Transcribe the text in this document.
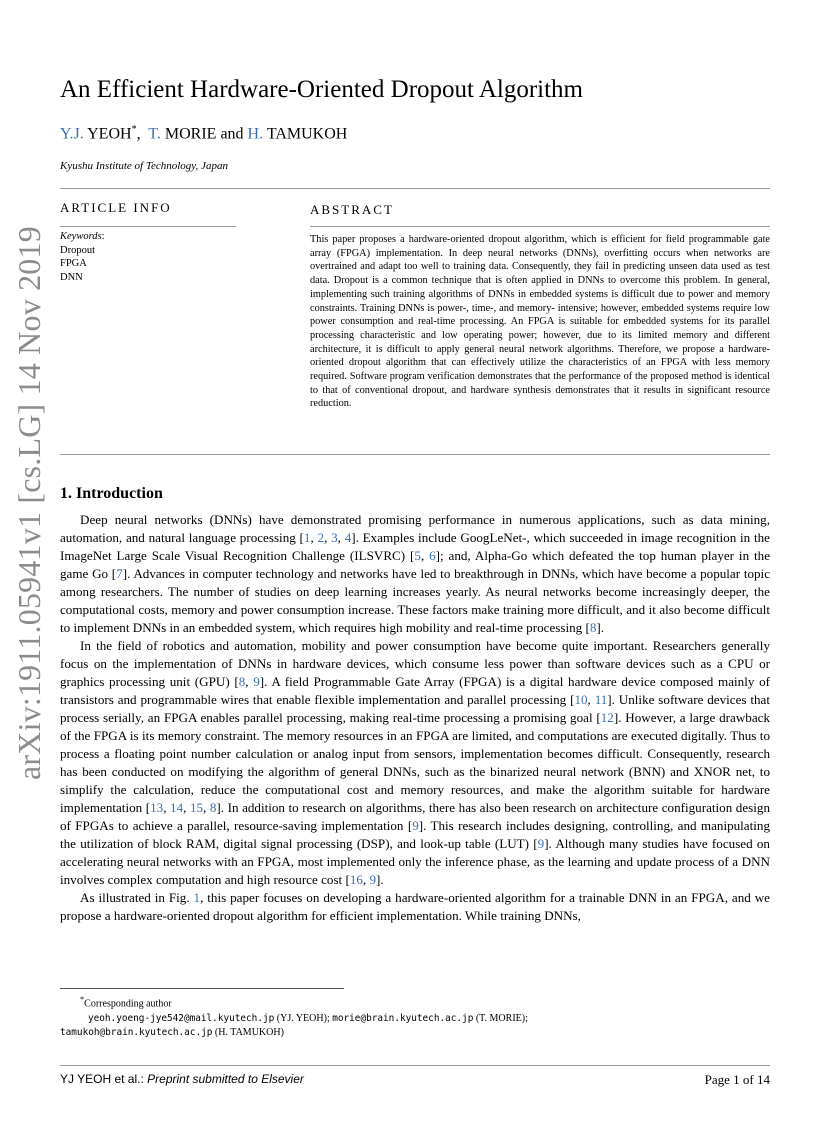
arXiv:1911.05941v1 [cs.LG] 14 Nov 2019
An Efficient Hardware-Oriented Dropout Algorithm
Y.J. YEOH*, T. MORIE and H. TAMUKOH
Kyushu Institute of Technology, Japan
ARTICLE INFO	ABSTRACT
Keywords:
Dropout
FPGA
DNN
This paper proposes a hardware-oriented dropout algorithm, which is efficient for field programmable gate array (FPGA) implementation. In deep neural networks (DNNs), overfitting occurs when networks are overtrained and adapt too well to training data. Consequently, they fail in predicting unseen data used as test data. Dropout is a common technique that is often applied in DNNs to overcome this problem. In general, implementing such training algorithms of DNNs in embedded systems is difficult due to power and memory constraints. Training DNNs is power-, time-, and memory- intensive; however, embedded systems require low power consumption and real-time processing. An FPGA is suitable for embedded systems for its parallel processing characteristic and low operating power; however, due to its limited memory and different architecture, it is difficult to apply general neural network algorithms. Therefore, we propose a hardware-oriented dropout algorithm that can effectively utilize the characteristics of an FPGA with less memory required. Software program verification demonstrates that the performance of the proposed method is identical to that of conventional dropout, and hardware synthesis demonstrates that it results in significant resource reduction.
1. Introduction

Deep neural networks (DNNs) have demonstrated promising performance in numerous applications, such as data mining, automation, and natural language processing [1, 2, 3, 4]. Examples include GoogLeNet-, which succeeded in image recognition in the ImageNet Large Scale Visual Recognition Challenge (ILSVRC) [5, 6]; and, Alpha-Go which defeated the top human player in the game Go [7]. Advances in computer technology and networks have led to breakthrough in DNNs, which have become a popular topic among researchers. The number of studies on deep learning increases yearly. As neural networks become increasingly deeper, the computational costs, memory and power consumption increase. These factors make training more difficult, and it also become difficult to implement DNNs in an embedded system, which requires high mobility and real-time processing [8].

In the field of robotics and automation, mobility and power consumption have become quite important. Researchers generally focus on the implementation of DNNs in hardware devices, which consume less power than software devices such as a CPU or graphics processing unit (GPU) [8, 9]. A field Programmable Gate Array (FPGA) is a digital hardware device composed mainly of transistors and programmable wires that enable flexible implementation and parallel processing [10, 11]. Unlike software devices that process serially, an FPGA enables parallel processing, making real-time processing a promising goal [12]. However, a large drawback of the FPGA is its memory constraint. The memory resources in an FPGA are limited, and computations are executed digitally. Thus to process a floating point number calculation or analog input from sensors, implementation becomes difficult. Consequently, research has been conducted on modifying the algorithm of general DNNs, such as the binarized neural network (BNN) and XNOR net, to simplify the calculation, reduce the computational cost and memory resources, and make the algorithm suitable for hardware implementation [13, 14, 15, 8]. In addition to research on algorithms, there has also been research on architecture configuration design of FPGAs to achieve a parallel, resource-saving implementation [9]. This research includes designing, controlling, and manipulating the utilization of block RAM, digital signal processing (DSP), and look-up table (LUT) [9]. Although many studies have focused on accelerating neural networks with an FPGA, most implemented only the inference phase, as the learning and update process of a DNN involves complex computation and high resource cost [16, 9].

As illustrated in Fig. 1, this paper focuses on developing a hardware-oriented algorithm for a trainable DNN in an FPGA, and we propose a hardware-oriented dropout algorithm for efficient implementation. While training DNNs,

*Corresponding author
yeoh.yoeng-jye542@mail.kyutech.jp (YJ. YEOH); morie@brain.kyutech.ac.jp (T. MORIE);
tamukoh@brain.kyutech.ac.jp (H. TAMUKOH)
YJ YEOH et al.: Preprint submitted to Elsevier	Page 1 of 14
